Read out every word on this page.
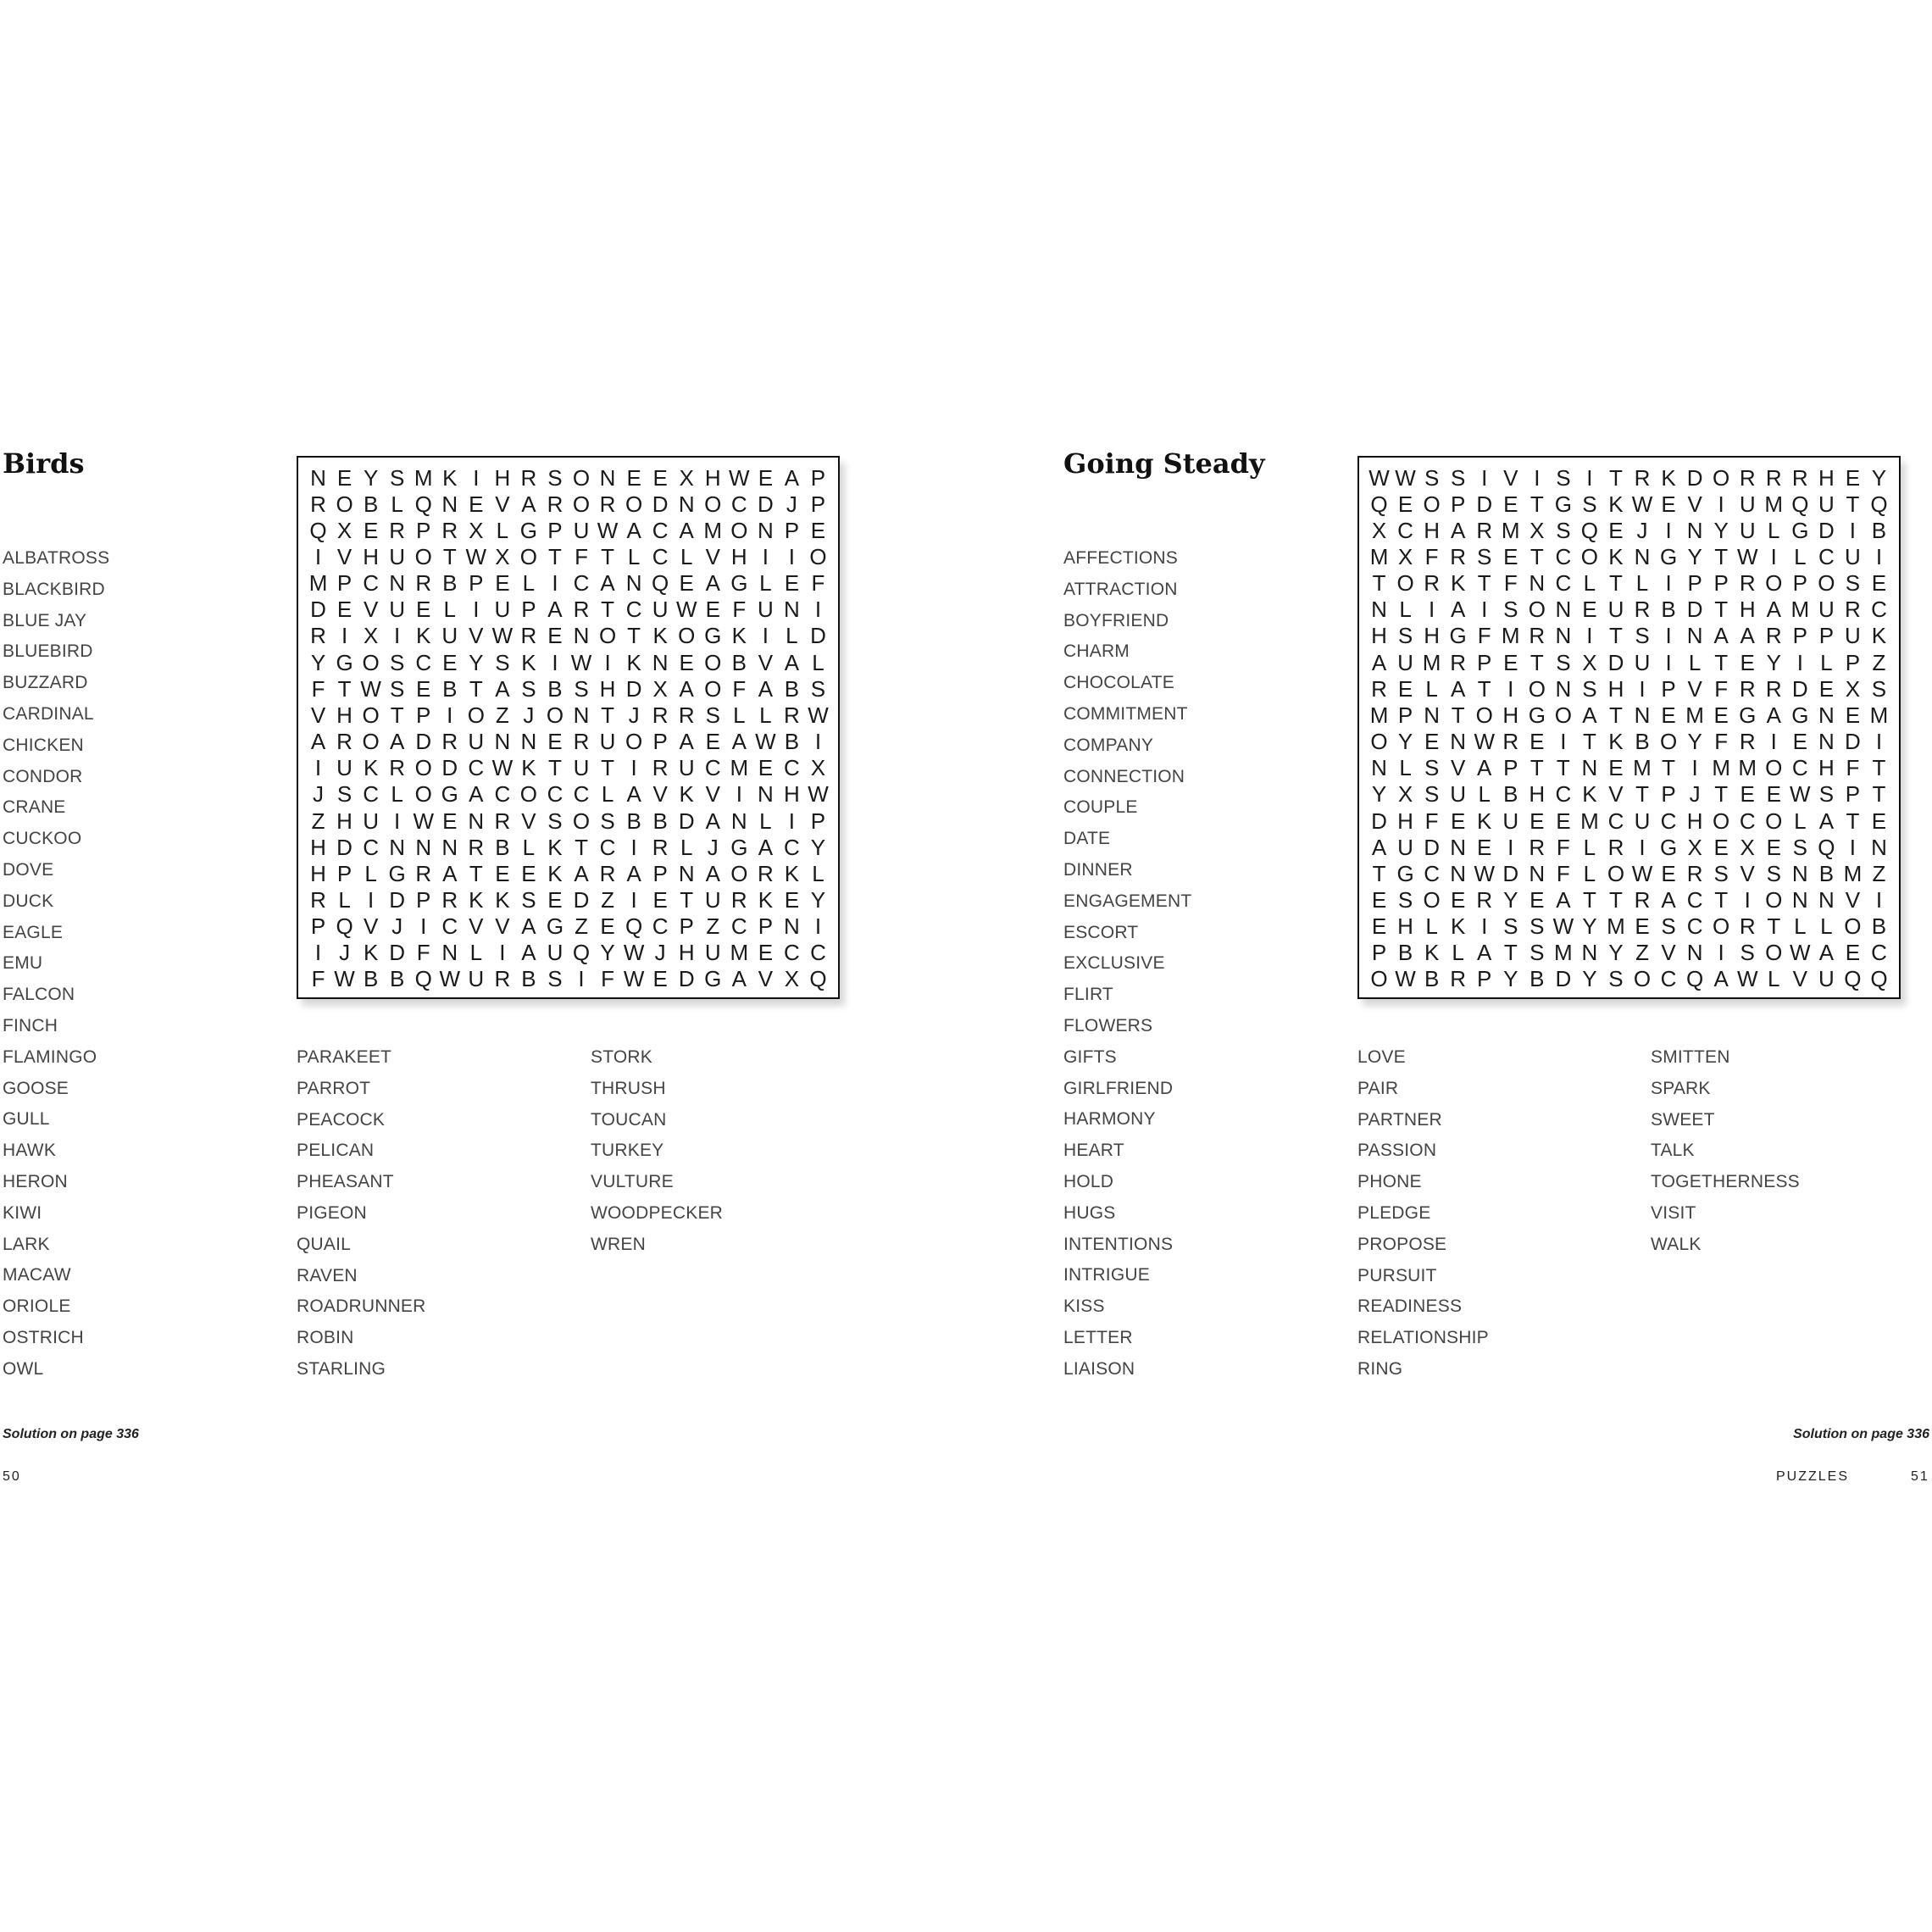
Birds
ALBATROSS
BLACKBIRD
BLUE JAY
BLUEBIRD
BUZZARD
CARDINAL
CHICKEN
CONDOR
CRANE
CUCKOO
DOVE
DUCK
EAGLE
EMU
FALCON
FINCH
FLAMINGO
GOOSE
GULL
HAWK
HERON
KIWI
LARK
MACAW
ORIOLE
OSTRICH
OWL
N E Y S M K I H R S O N E E X H W E A P
R O B L Q N E V A R O R O D N O C D J P
Q X E R P R X L G P U W A C A M O N P E
I V H U O T W X O T F T L C L V H I I O
M P C N R B P E L I C A N Q E A G L E F
D E V U E L I U P A R T C U W E F U N I
R I X I K U V W R E N O T K O G K I L D
Y G O S C E Y S K I W I K N E O B V A L
F T W S E B T A S B S H D X A O F A B S
V H O T P I O Z J O N T J R R S L L R W
A R O A D R U N N E R U O P A E A W B I
I U K R O D C W K T U T I R U C M E C X
J S C L O G A C O C C L A V K V I N H W
Z H U I W E N R V S O S B B D A N L I P
H D C N N N R B L K T C I R L J G A C Y
H P L G R A T E E K A R A P N A O R K L
R L I D P R K K S E D Z I E T U R K E Y
P Q V J I C V V A G Z E Q C P Z C P N I
I J K D F N L I A U Q Y W J H U M E C C
F W B B Q W U R B S I F W E D G A V X Q
PARAKEET
PARROT
PEACOCK
PELICAN
PHEASANT
PIGEON
QUAIL
RAVEN
ROADRUNNER
ROBIN
STARLING
STORK
THRUSH
TOUCAN
TURKEY
VULTURE
WOODPECKER
WREN

Solution on page 336

50

Going Steady
AFFECTIONS
ATTRACTION
BOYFRIEND
CHARM
CHOCOLATE
COMMITMENT
COMPANY
CONNECTION
COUPLE
DATE
DINNER
ENGAGEMENT
ESCORT
EXCLUSIVE
FLIRT
FLOWERS
GIFTS
GIRLFRIEND
HARMONY
HEART
HOLD
HUGS
INTENTIONS
INTRIGUE
KISS
LETTER
LIAISON
W W S S I V I S I T R K D O R R R H E Y
Q E O P D E T G S K W E V I U M Q U T Q
X C H A R M X S Q E J I N Y U L G D I B
M X F R S E T C O K N G Y T W I L C U I
T O R K T F N C L T L I P P R O P O S E
N L I A I S O N E U R B D T H A M U R C
H S H G F M R N I T S I N A A R P P U K
A U M R P E T S X D U I L T E Y I L P Z
R E L A T I O N S H I P V F R R D E X S
M P N T O H G O A T N E M E G A G N E M
O Y E N W R E I T K B O Y F R I E N D I
N L S V A P T T N E M T I M M O C H F T
Y X S U L B H C K V T P J T E E W S P T
D H F E K U E E M C U C H O C O L A T E
A U D N E I R F L R I G X E X E S Q I N
T G C N W D N F L O W E R S V S N B M Z
E S O E R Y E A T T R A C T I O N N V I
E H L K I S S W Y M E S C O R T L L O B
P B K L A T S M N Y Z V N I S O W A E C
O W B R P Y B D Y S O C Q A W L V U Q Q
LOVE
PAIR
PARTNER
PASSION
PHONE
PLEDGE
PROPOSE
PURSUIT
READINESS
RELATIONSHIP
RING
SMITTEN
SPARK
SWEET
TALK
TOGETHERNESS
VISIT
WALK

Solution on page 336

PUZZLES	51
